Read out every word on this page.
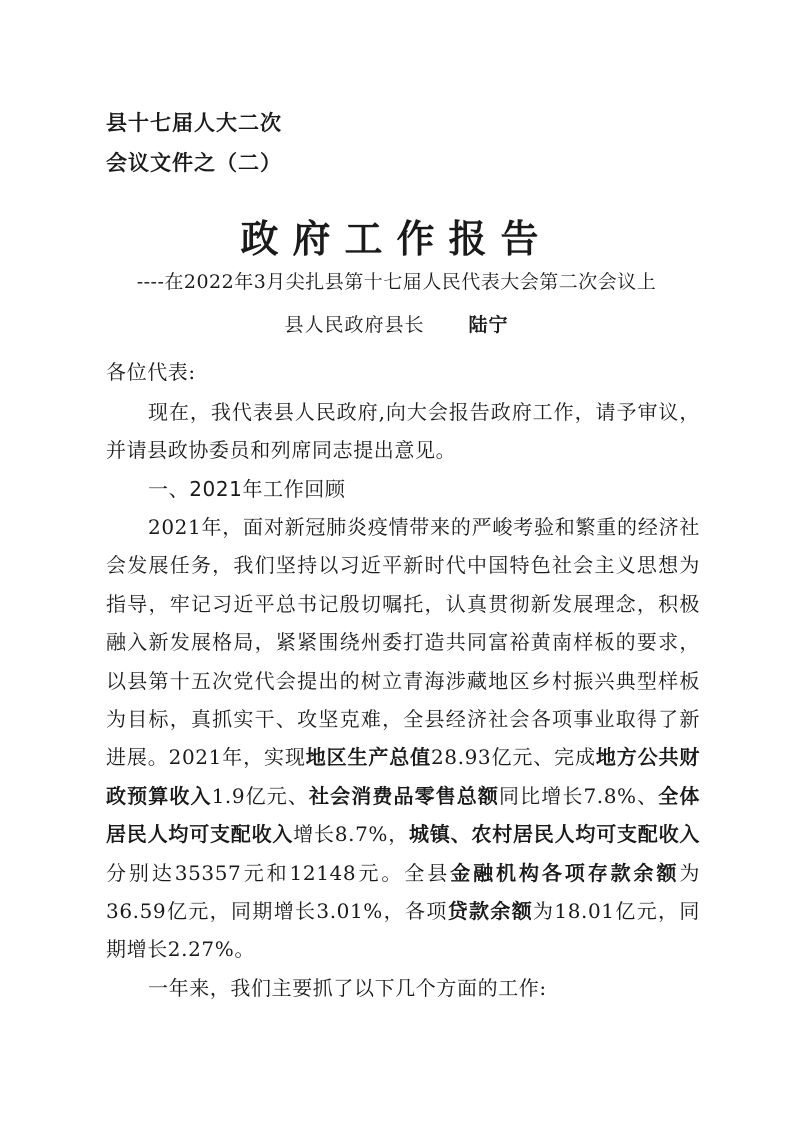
县十七届人大二次
会议文件之（二）
政府工作报告
----在2022年3月尖扎县第十七届人民代表大会第二次会议上
县人民政府县长 陆宁
各位代表:
现在，我代表县人民政府,向大会报告政府工作，请予审议，并请县政协委员和列席同志提出意见。
一、2021年工作回顾
2021年，面对新冠肺炎疫情带来的严峻考验和繁重的经济社会发展任务，我们坚持以习近平新时代中国特色社会主义思想为指导，牢记习近平总书记殷切嘱托，认真贯彻新发展理念，积极融入新发展格局，紧紧围绕州委打造共同富裕黄南样板的要求，以县第十五次党代会提出的树立青海涉藏地区乡村振兴典型样板为目标，真抓实干、攻坚克难，全县经济社会各项事业取得了新进展。2021年，实现地区生产总值28.93亿元、完成地方公共财政预算收入1.9亿元、社会消费品零售总额同比增长7.8%、全体居民人均可支配收入增长8.7%，城镇、农村居民人均可支配收入分别达35357元和12148元。全县金融机构各项存款余额为36.59亿元，同期增长3.01%，各项贷款余额为18.01亿元，同期增长2.27%。
一年来，我们主要抓了以下几个方面的工作:
